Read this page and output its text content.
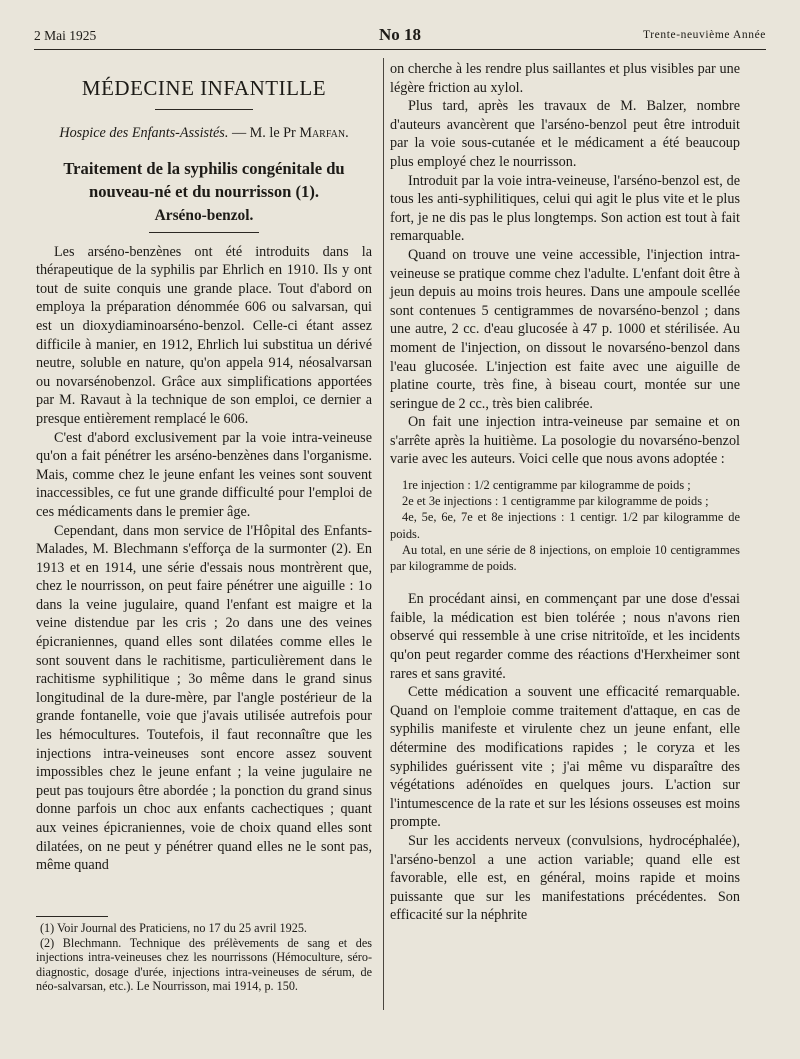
2 Mai 1925	No 18	Trente-neuvième Année
MÉDECINE INFANTILLE
Hospice des Enfants-Assistés. — M. le Pr Marfan.
Traitement de la syphilis congénitale du nouveau-né et du nourrisson (1).
Arséno-benzol.

Les arséno-benzènes ont été introduits dans la thérapeutique de la syphilis par Ehrlich en 1910. Ils y ont tout de suite conquis une grande place. Tout d'abord on employa la préparation dénommée 606 ou salvarsan, qui est un dioxydiaminoarséno-benzol. Celle-ci étant assez difficile à manier, en 1912, Ehrlich lui substitua un dérivé neutre, soluble en nature, qu'on appela 914, néosalvarsan ou novarsénobenzol. Grâce aux simplifications apportées par M. Ravaut à la technique de son emploi, ce dernier a presque entièrement remplacé le 606.

C'est d'abord exclusivement par la voie intra-veineuse qu'on a fait pénétrer les arséno-benzènes dans l'organisme. Mais, comme chez le jeune enfant les veines sont souvent inaccessibles, ce fut une grande difficulté pour l'emploi de ces médicaments dans le premier âge.

Cependant, dans mon service de l'Hôpital des Enfants-Malades, M. Blechmann s'efforça de la surmonter (2). En 1913 et en 1914, une série d'essais nous montrèrent que, chez le nourrisson, on peut faire pénétrer une aiguille : 1o dans la veine jugulaire, quand l'enfant est maigre et la veine distendue par les cris ; 2o dans une des veines épicraniennes, quand elles sont dilatées comme elles le sont souvent dans le rachitisme, particulièrement dans le rachitisme syphilitique ; 3o même dans le grand sinus longitudinal de la dure-mère, par l'angle postérieur de la grande fontanelle, voie que j'avais utilisée autrefois pour les hémocultures. Toutefois, il faut reconnaître que les injections intra-veineuses sont encore assez souvent impossibles chez le jeune enfant ; la veine jugulaire ne peut pas toujours être abordée ; la ponction du grand sinus donne parfois un choc aux enfants cachectiques ; quant aux veines épicraniennes, voie de choix quand elles sont dilatées, on ne peut y pénétrer quand elles ne le sont pas, même quand

(1) Voir Journal des Praticiens, no 17 du 25 avril 1925.

(2) Blechmann. Technique des prélèvements de sang et des injections intra-veineuses chez les nourrissons (Hémoculture, séro-diagnostic, dosage d'urée, injections intra-veineuses de sérum, de néo-salvarsan, etc.). Le Nourrisson, mai 1914, p. 150.

on cherche à les rendre plus saillantes et plus visibles par une légère friction au xylol.

Plus tard, après les travaux de M. Balzer, nombre d'auteurs avancèrent que l'arséno-benzol peut être introduit par la voie sous-cutanée et le médicament a été beaucoup plus employé chez le nourrisson.

Introduit par la voie intra-veineuse, l'arséno-benzol est, de tous les anti-syphilitiques, celui qui agit le plus vite et le plus fort, je ne dis pas le plus longtemps. Son action est tout à fait remarquable.

Quand on trouve une veine accessible, l'injection intra-veineuse se pratique comme chez l'adulte. L'enfant doit être à jeun depuis au moins trois heures. Dans une ampoule scellée sont contenues 5 centigrammes de novarséno-benzol ; dans une autre, 2 cc. d'eau glucosée à 47 p. 1000 et stérilisée. Au moment de l'injection, on dissout le novarséno-benzol dans l'eau glucosée. L'injection est faite avec une aiguille de platine courte, très fine, à biseau court, montée sur une seringue de 2 cc., très bien calibrée.

On fait une injection intra-veineuse par semaine et on s'arrête après la huitième. La posologie du novarséno-benzol varie avec les auteurs. Voici celle que nous avons adoptée :

1re injection : 1/2 centigramme par kilogramme de poids ;

2e et 3e injections : 1 centigramme par kilogramme de poids ;

4e, 5e, 6e, 7e et 8e injections : 1 centigr. 1/2 par kilogramme de poids.

Au total, en une série de 8 injections, on emploie 10 centigrammes par kilogramme de poids.

En procédant ainsi, en commençant par une dose d'essai faible, la médication est bien tolérée ; nous n'avons rien observé qui ressemble à une crise nitritoïde, et les incidents qu'on peut regarder comme des réactions d'Herxheimer sont rares et sans gravité.

Cette médication a souvent une efficacité remarquable. Quand on l'emploie comme traitement d'attaque, en cas de syphilis manifeste et virulente chez un jeune enfant, elle détermine des modifications rapides ; le coryza et les syphilides guérissent vite ; j'ai même vu disparaître des végétations adénoïdes en quelques jours. L'action sur l'intumescence de la rate et sur les lésions osseuses est moins prompte.

Sur les accidents nerveux (convulsions, hydrocéphalée), l'arséno-benzol a une action variable; quand elle est favorable, elle est, en général, moins rapide et moins puissante que sur les manifestations précédentes. Son efficacité sur la néphrite
